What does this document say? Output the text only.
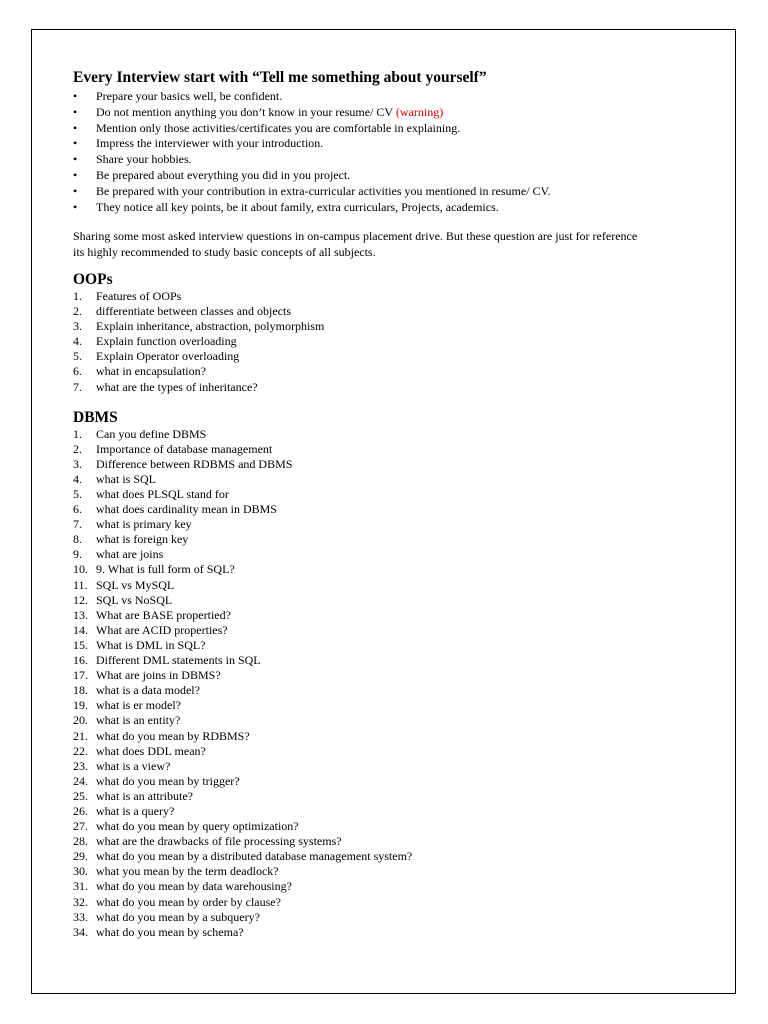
Every Interview start with “Tell me something about yourself”
• Prepare your basics well, be confident.
• Do not mention anything you don’t know in your resume/ CV (warning)
• Mention only those activities/certificates you are comfortable in explaining.
• Impress the interviewer with your introduction.
• Share your hobbies.
• Be prepared about everything you did in you project.
• Be prepared with your contribution in extra-curricular activities you mentioned in resume/ CV.
• They notice all key points, be it about family, extra curriculars, Projects, academics.
Sharing some most asked interview questions in on-campus placement drive. But these question are just for reference
its highly recommended to study basic concepts of all subjects.
OOPs
1. Features of OOPs
2. differentiate between classes and objects
3. Explain inheritance, abstraction, polymorphism
4. Explain function overloading
5. Explain Operator overloading
6. what in encapsulation?
7. what are the types of inheritance?
DBMS
1. Can you define DBMS
2. Importance of database management
3. Difference between RDBMS and DBMS
4. what is SQL
5. what does PLSQL stand for
6. what does cardinality mean in DBMS
7. what is primary key
8. what is foreign key
9. what are joins
10. 9. What is full form of SQL?
11. SQL vs MySQL
12. SQL vs NoSQL
13. What are BASE propertied?
14. What are ACID properties?
15. What is DML in SQL?
16. Different DML statements in SQL
17. What are joins in DBMS?
18. what is a data model?
19. what is er model?
20. what is an entity?
21. what do you mean by RDBMS?
22. what does DDL mean?
23. what is a view?
24. what do you mean by trigger?
25. what is an attribute?
26. what is a query?
27. what do you mean by query optimization?
28. what are the drawbacks of file processing systems?
29. what do you mean by a distributed database management system?
30. what you mean by the term deadlock?
31. what do you mean by data warehousing?
32. what do you mean by order by clause?
33. what do you mean by a subquery?
34. what do you mean by schema?
